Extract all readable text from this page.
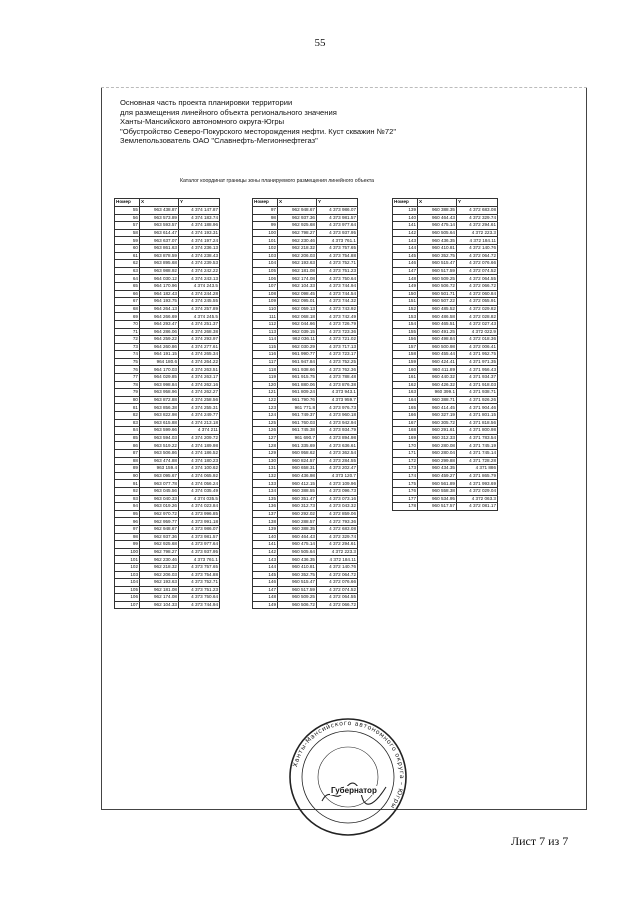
55
Основная часть проекта планировки территории
для размещения линейного объекта регионального значения
Ханты-Мансийского автономного округа-Югры
"Обустройство Северо-Покурского месторождения нефти. Куст скважин №72"
Землепользователь ОАО "Славнефть-Мегионнефтегаз"
Каталог координат границы зоны планируемого размещения линейного объекта
Номер	X	Y
55	963 438.87	4 374 147.87
56	963 573.89	4 374 183.74
57	963 593.57	4 374 188.96
58	963 614.47	4 374 193.31
59	963 637.07	4 374 197.24
60	963 861.63	4 374 236.13
61	963 878.59	4 374 238.43
62	963 895.68	4 374 239.53
63	963 988.92	4 374 242.22
64	964 030.12	4 374 243.13
65	964 170.96	4 374 243.5
66	964 182.43	4 374 244.28
67	964 193.75	4 374 245.55
68	964 264.13	4 374 257.89
69	964 266.69	4 374 245.5
70	964 293.47	4 374 251.37
71	964 286.06	4 374 268.38
72	964 259.22	4 374 293.97
73	964 260.86	4 374 277.61
74	964 191.15	4 374 265.34
75	964 180.6	4 374 264.22
76	964 170.03	4 374 263.51
77	964 029.85	4 374 263.17
78	963 998.84	4 374 262.16
79	963 958.96	4 374 262.27
80	963 872.88	4 374 258.56
81	963 856.38	4 374 255.31
82	963 822.98	4 374 249.77
83	963 615.88	4 374 213.18
84	963 599.66	4 374 211
85	963 594.03	4 374 209.72
86	963 519.22	4 374 189.98
87	963 506.86	4 374 186.52
88	963 474.88	4 374 180.23
89	963 159.4	4 374 100.62
90	963 095.67	4 374 065.92
91	963 077.78	4 374 056.24
92	963 045.56	4 374 035.49
93	963 040.33	4 374 035.5
94	963 019.26	4 374 023.84
95	962 970.72	4 373 996.85
96	962 959.77	4 373 991.18
97	962 948.67	4 373 986.07
98	962 937.36	4 373 981.57
99	962 925.68	4 373 977.64
100	962 798.27	4 373 937.95
101	962 230.46	4 373 761.1
102	962 218.32	4 373 757.65
103	962 206.03	4 373 754.88
104	962 193.63	4 373 752.71
105	962 181.08	4 373 751.23
106	962 174.08	4 373 750.64
107	962 104.33	4 373 744.94
Номер	X	Y
97	962 948.67	4 373 986.07
98	962 937.36	4 373 981.57
99	962 925.68	4 373 977.64
100	962 798.27	4 373 937.95
101	962 230.46	4 373 761.1
102	962 218.32	4 373 757.65
103	962 206.03	4 373 754.88
104	962 193.63	4 373 752.71
105	962 181.08	4 373 751.23
106	962 174.08	4 373 750.64
107	962 104.33	4 373 744.94
108	962 098.45	4 373 744.54
109	962 095.01	4 373 744.32
110	962 059.13	4 373 743.92
111	962 068.18	4 373 742.49
112	962 044.66	4 373 726.79
113	962 039.15	4 373 723.36
114	962 036.11	4 373 721.02
115	962 030.29	4 373 717.13
116	961 990.77	4 373 723.17
117	961 947.84	4 373 752.25
118	961 938.66	4 373 762.36
119	961 915.75	4 373 788.48
120	961 880.06	4 373 876.38
121	961 809.24	4 373 943.1
122	961 790.76	4 373 959.7
123	961 771.8	4 373 976.73
124	961 749.37	4 373 960.18
125	961 760.03	4 373 942.94
126	961 745.38	4 373 934.79
127	961 690.7	4 373 894.98
128	961 335.69	4 373 636.61
129	960 958.62	4 373 362.54
130	960 824.57	4 373 284.55
131	960 658.31	4 373 202.47
132	960 436.98	4 373 120.7
133	960 412.15	4 373 109.96
134	960 388.55	4 373 096.73
135	960 351.47	4 373 073.16
136	960 312.73	4 373 043.32
137	960 292.02	4 372 859.06
138	960 288.57	4 372 793.36
139	960 388.35	4 372 683.08
140	960 464.43	4 372 329.74
141	960 475.14	4 372 294.61
142	960 505.64	4 372 223.3
143	960 436.35	4 372 184.11
144	960 410.81	4 372 140.76
145	960 352.75	4 372 064.72
146	960 515.47	4 372 076.66
147	960 517.59	4 372 074.52
148	960 509.25	4 372 064.55
149	960 506.72	4 372 066.72
Номер	X	Y
139	960 388.35	4 372 683.08
140	960 464.43	4 372 329.74
141	960 475.14	4 372 294.61
142	960 505.64	4 372 223.3
143	960 436.35	4 372 184.11
144	960 410.81	4 372 140.76
145	960 352.75	4 372 064.72
146	960 515.47	4 372 076.66
147	960 517.59	4 372 074.52
148	960 509.25	4 372 064.55
149	960 506.72	4 372 066.72
150	960 501.71	4 372 060.84
151	960 507.22	4 372 055.91
152	960 485.52	4 372 029.82
153	960 486.58	4 372 028.82
154	960 465.51	4 372 027.43
155	960 491.25	4 372 022.9
156	960 498.84	4 372 018.36
157	960 500.98	4 372 006.41
158	960 455.44	4 371 952.75
159	960 424.41	4 371 971.35
160	960 411.89	4 371 956.43
161	960 440.32	4 371 934.37
162	960 426.32	4 371 918.03
163	960 399.1	4 371 938.71
164	960 388.71	4 371 926.26
165	960 414.45	4 371 904.46
166	960 327.19	4 371 801.15
167	960 305.72	4 371 818.56
168	960 291.61	4 371 800.98
169	960 312.33	4 371 783.54
170	960 280.08	4 371 745.19
171	960 280.04	4 371 745.14
172	960 299.88	4 371 728.28
173	960 434.35	4 371 886
174	960 459.27	4 371 865.79
175	960 561.89	4 371 993.69
176	960 558.38	4 372 029.04
177	960 534.95	4 372 063.3
178	960 517.57	4 372 081.17
Ханты-Мансийского автономного округа – Югры
Губернатор
Лист 7 из 7
